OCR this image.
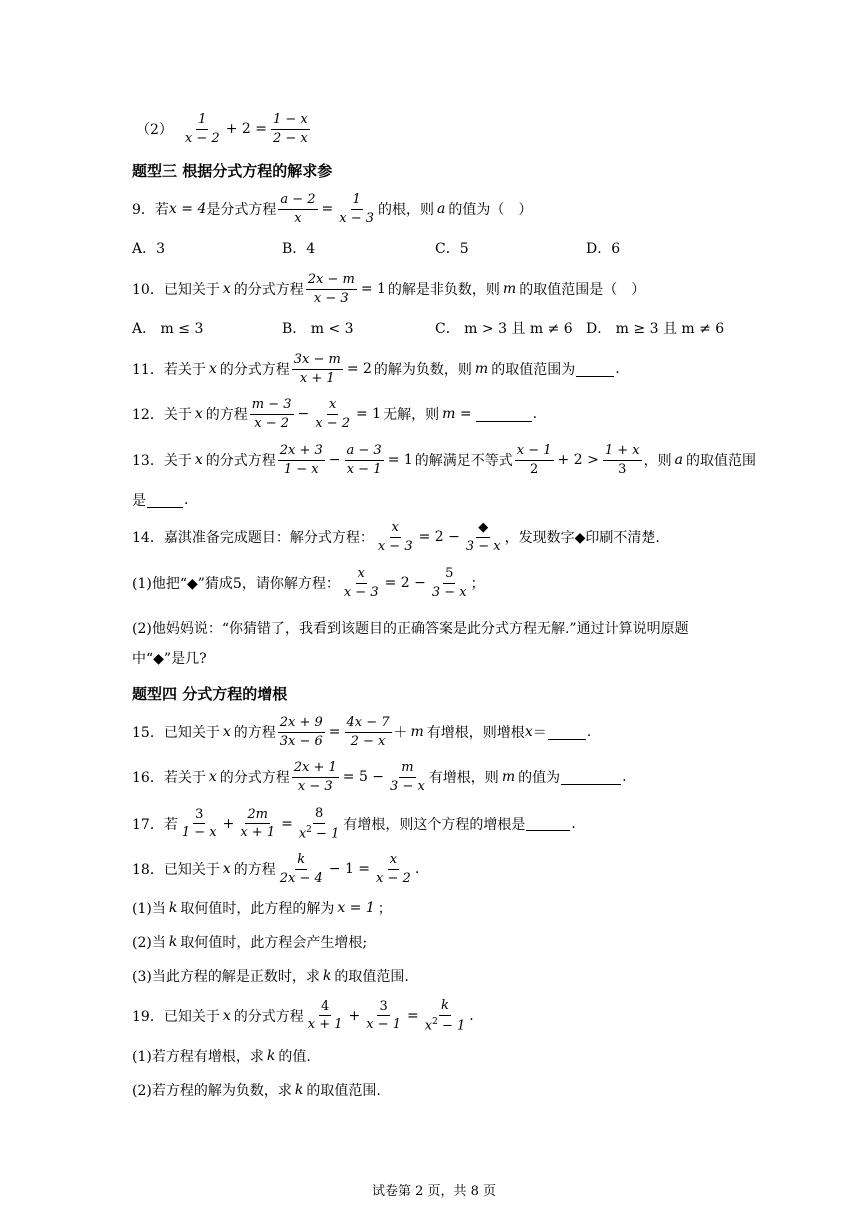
$(2) \frac{1}{x - 2} + 2 = \frac{1 - x}{2 - x}$
题型三 根据分式方程的解求参
9．若 x = 4 是分式方程 $\frac{a - 2}{x} = \frac{1}{x - 3}$ 的根，则 a 的值为（　）
A．3	B．4	C．5	D．6
10．已知关于 x 的分式方程 $\frac{2x - m}{x - 3} = 1$ 的解是非负数，则 m 的取值范围是（　）
A． m ≤ 3	B． m < 3	C． m > 3 且 m ≠ 6 D． m ≥ 3 且 m ≠ 6
11．若关于 x 的分式方程 $\frac{3x - m}{x + 1} = 2$ 的解为负数，则 m 的取值范围为	.
12．关于 x 的方程 $\frac{m - 3}{x - 2} - \frac{x}{x - 2} = 1$ 无解，则 m =	.
13．关于 x 的分式方程 $\frac{2x + 3}{1 - x} - \frac{a - 3}{x - 1} = 1$ 的解满足不等式 $\frac{x - 1}{2} + 2 > \frac{1 + x}{3}$ ，则 a 的取值范围
是	.
14．嘉淇准备完成题目：解分式方程： $\frac{x}{x - 3} = 2 - \frac{◆}{3 - x}$ ，发现数字◆印刷不清楚.
(1)他把“◆”猜成5，请你解方程： $\frac{x}{x - 3} = 2 - \frac{5}{3 - x}$ ；
(2)他妈妈说：“你猜错了，我看到该题目的正确答案是此分式方程无解.”通过计算说明原题
中“◆”是几?
题型四 分式方程的增根
15．已知关于 x 的方程 $\frac{2x + 9}{3x - 6} = \frac{4x - 7}{2 - x} + m$ 有增根，则增根 x ＝	.
16．若关于 x 的分式方程 $\frac{2x + 1}{x - 3} = 5 - \frac{m}{3 - x}$ 有增根，则 m 的值为	.
17．若 $\frac{3}{1 - x} + \frac{2m}{x + 1} = \frac{8}{x^2 - 1}$ 有增根，则这个方程的增根是	.
18．已知关于 x 的方程 $\frac{k}{2x - 4} - 1 = \frac{x}{x - 2}$ .
(1)当 k 取何值时，此方程的解为 x = 1 ；
(2)当 k 取何值时，此方程会产生增根;
(3)当此方程的解是正数时，求 k 的取值范围.
19．已知关于 x 的分式方程 $\frac{4}{x + 1} + \frac{3}{x - 1} = \frac{k}{x^2 - 1}$ .
(1)若方程有增根，求 k 的值.
(2)若方程的解为负数，求 k 的取值范围.
试卷第 2 页，共 8 页
